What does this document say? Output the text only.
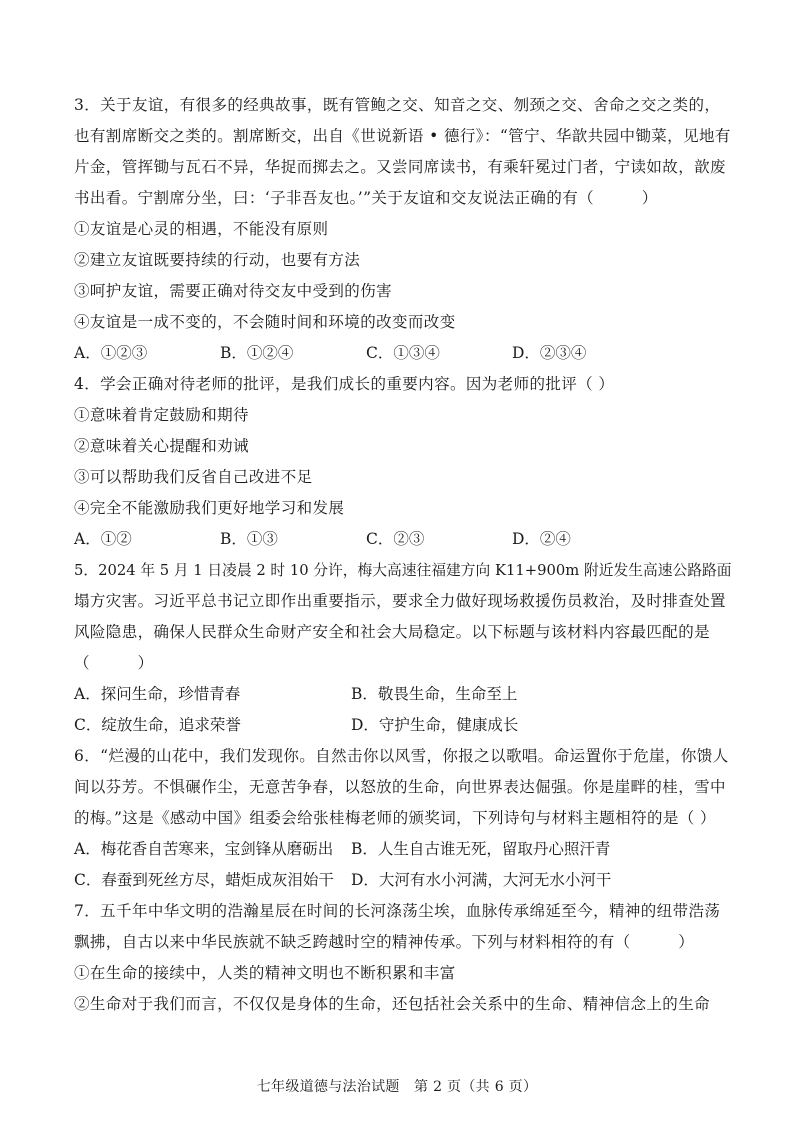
3．关于友谊，有很多的经典故事，既有管鲍之交、知音之交、刎颈之交、舍命之交之类的，
也有割席断交之类的。割席断交，出自《世说新语 • 德行》：“管宁、华歆共园中锄菜，见地有
片金，管挥锄与瓦石不异，华捉而掷去之。又尝同席读书，有乘轩冕过门者，宁读如故，歆废
书出看。宁割席分坐，曰：‘子非吾友也。’”关于友谊和交友说法正确的有（　　　）
①友谊是心灵的相遇，不能没有原则
②建立友谊既要持续的行动，也要有方法
③呵护友谊，需要正确对待交友中受到的伤害
④友谊是一成不变的，不会随时间和环境的改变而改变
A．①②③	B．①②④	C．①③④	D．②③④
4．学会正确对待老师的批评，是我们成长的重要内容。因为老师的批评（ ）
①意味着肯定鼓励和期待
②意味着关心提醒和劝诫
③可以帮助我们反省自己改进不足
④完全不能激励我们更好地学习和发展
A．①②	B．①③	C．②③	D．②④
5．2024 年 5 月 1 日凌晨 2 时 10 分许，梅大高速往福建方向 K11+900m 附近发生高速公路路面
塌方灾害。习近平总书记立即作出重要指示，要求全力做好现场救援伤员救治，及时排查处置
风险隐患，确保人民群众生命财产安全和社会大局稳定。以下标题与该材料内容最匹配的是
（　　　）
A．探问生命，珍惜青春	B．敬畏生命，生命至上
C．绽放生命，追求荣誉	D．守护生命，健康成长
6．“烂漫的山花中，我们发现你。自然击你以风雪，你报之以歌唱。命运置你于危崖，你馈人
间以芬芳。不惧碾作尘，无意苦争春，以怒放的生命，向世界表达倔强。你是崖畔的桂，雪中
的梅。”这是《感动中国》组委会给张桂梅老师的颁奖词，下列诗句与材料主题相符的是（ ）
A．梅花香自苦寒来，宝剑锋从磨砺出	B．人生自古谁无死，留取丹心照汗青
C．春蚕到死丝方尽，蜡炬成灰泪始干	D．大河有水小河满，大河无水小河干
7．五千年中华文明的浩瀚星辰在时间的长河涤荡尘埃，血脉传承绵延至今，精神的纽带浩荡
飘拂，自古以来中华民族就不缺乏跨越时空的精神传承。下列与材料相符的有（　　　）
①在生命的接续中，人类的精神文明也不断积累和丰富
②生命对于我们而言，不仅仅是身体的生命，还包括社会关系中的生命、精神信念上的生命
七年级道德与法治试题　第 2 页（共 6 页）
